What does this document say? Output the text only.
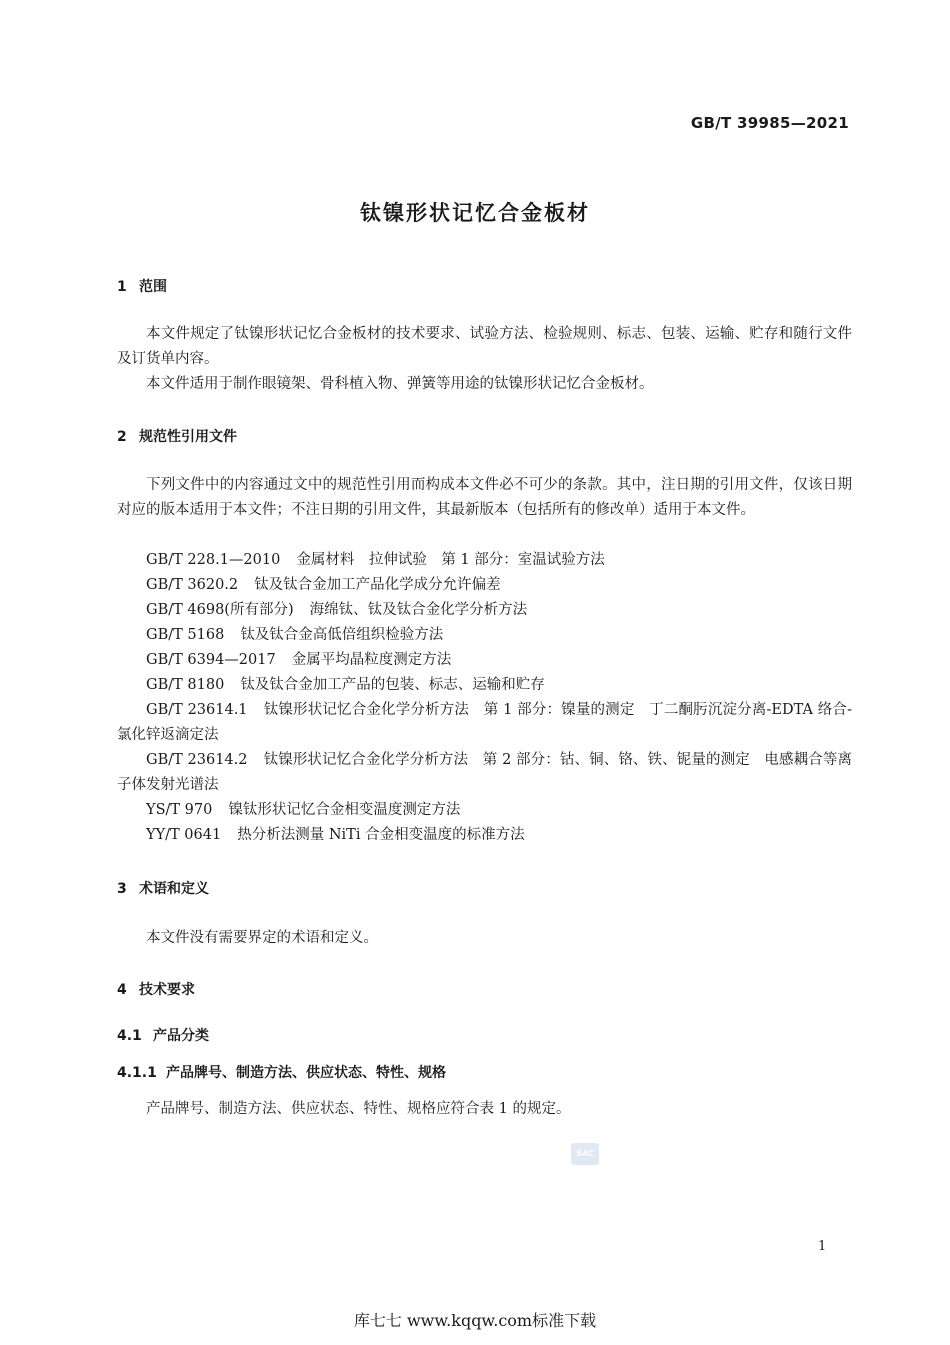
GB/T 39985—2021
钛镍形状记忆合金板材
1 范围
本文件规定了钛镍形状记忆合金板材的技术要求、试验方法、检验规则、标志、包装、运输、贮存和随行文件及订货单内容。
本文件适用于制作眼镜架、骨科植入物、弹簧等用途的钛镍形状记忆合金板材。
2 规范性引用文件
下列文件中的内容通过文中的规范性引用而构成本文件必不可少的条款。其中，注日期的引用文件，仅该日期对应的版本适用于本文件；不注日期的引用文件，其最新版本（包括所有的修改单）适用于本文件。
GB/T 228.1—2010 金属材料　拉伸试验　第 1 部分：室温试验方法
GB/T 3620.2 钛及钛合金加工产品化学成分允许偏差
GB/T 4698(所有部分) 海绵钛、钛及钛合金化学分析方法
GB/T 5168 钛及钛合金高低倍组织检验方法
GB/T 6394—2017 金属平均晶粒度测定方法
GB/T 8180 钛及钛合金加工产品的包装、标志、运输和贮存
GB/T 23614.1 钛镍形状记忆合金化学分析方法　第 1 部分：镍量的测定　丁二酮肟沉淀分离-EDTA 络合-氯化锌返滴定法
GB/T 23614.2 钛镍形状记忆合金化学分析方法　第 2 部分：钴、铜、铬、铁、铌量的测定　电感耦合等离子体发射光谱法
YS/T 970 镍钛形状记忆合金相变温度测定方法
YY/T 0641 热分析法测量 NiTi 合金相变温度的标准方法
3 术语和定义
本文件没有需要界定的术语和定义。
4 技术要求
4.1 产品分类
4.1.1 产品牌号、制造方法、供应状态、特性、规格
产品牌号、制造方法、供应状态、特性、规格应符合表 1 的规定。
SAC
1
库七七 www.kqqw.com标准下载
